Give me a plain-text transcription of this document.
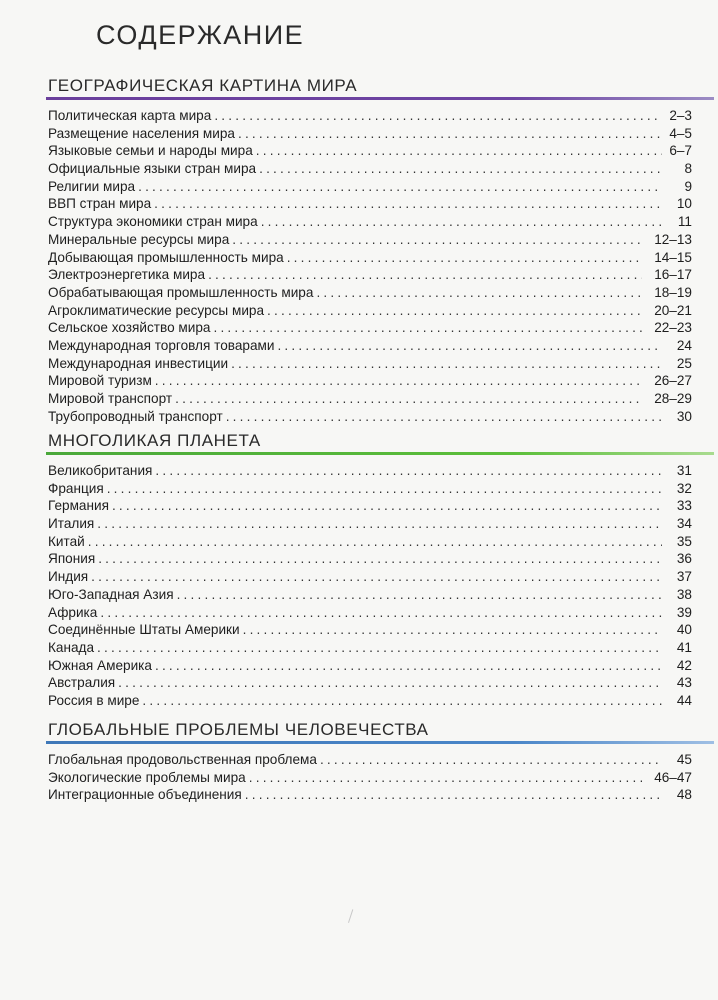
СОДЕРЖАНИЕ
ГЕОГРАФИЧЕСКАЯ КАРТИНА МИРА
Политическая карта мира .....	2–3
Размещение населения мира .....	4–5
Языковые семьи и народы мира .....	6–7
Официальные языки стран мира .....	8
Религии мира .....	9
ВВП стран мира .....	10
Структура экономики стран мира .....	11
Минеральные ресурсы мира .....	12–13
Добывающая промышленность мира .....	14–15
Электроэнергетика мира .....	16–17
Обрабатывающая промышленность мира .....	18–19
Агроклиматические ресурсы мира .....	20–21
Сельское хозяйство мира .....	22–23
Международная торговля товарами .....	24
Международная инвестиции .....	25
Мировой туризм .....	26–27
Мировой транспорт .....	28–29
Трубопроводный транспорт .....	30
МНОГОЛИКАЯ ПЛАНЕТА
Великобритания .....	31
Франция .....	32
Германия .....	33
Италия .....	34
Китай .....	35
Япония .....	36
Индия .....	37
Юго-Западная Азия .....	38
Африка .....	39
Соединённые Штаты Америки .....	40
Канада .....	41
Южная Америка .....	42
Австралия .....	43
Россия в мире .....	44
ГЛОБАЛЬНЫЕ ПРОБЛЕМЫ ЧЕЛОВЕЧЕСТВА
Глобальная продовольственная проблема .....	45
Экологические проблемы мира .....	46–47
Интеграционные объединения .....	48
